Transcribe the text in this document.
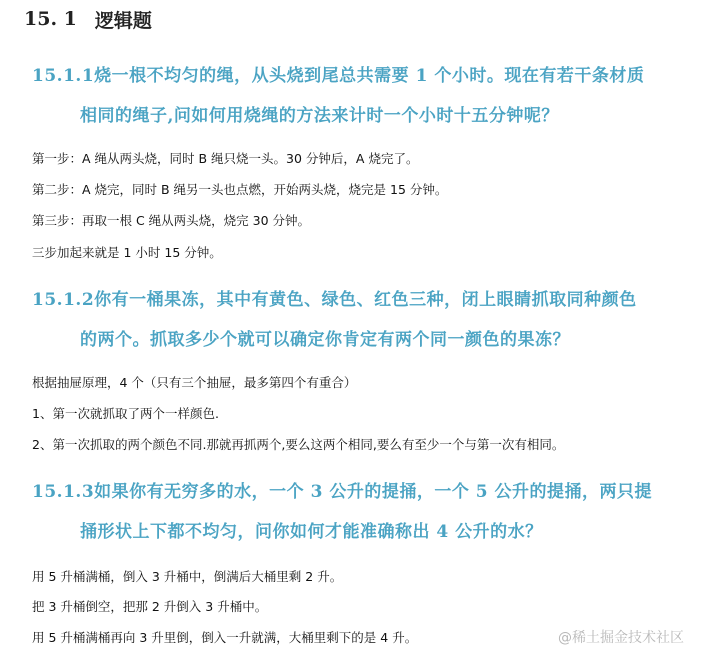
15. 1 逻辑题
15.1.1烧一根不均匀的绳，从头烧到尾总共需要 1 个小时。现在有若干条材质
相同的绳子,问如何用烧绳的方法来计时一个小时十五分钟呢？
第一步：A 绳从两头烧，同时 B 绳只烧一头。30 分钟后，A 烧完了。
第二步：A 烧完，同时 B 绳另一头也点燃，开始两头烧，烧完是 15 分钟。
第三步：再取一根 C 绳从两头烧，烧完 30 分钟。
三步加起来就是 1 小时 15 分钟。
15.1.2你有一桶果冻，其中有黄色、绿色、红色三种，闭上眼睛抓取同种颜色
的两个。抓取多少个就可以确定你肯定有两个同一颜色的果冻？
根据抽屉原理，4 个（只有三个抽屉，最多第四个有重合）
1、第一次就抓取了两个一样颜色.
2、第一次抓取的两个颜色不同.那就再抓两个,要么这两个相同,要么有至少一个与第一次有相同。
15.1.3如果你有无穷多的水，一个 3 公升的提捅，一个 5 公升的提捅，两只提
捅形状上下都不均匀，问你如何才能准确称出 4 公升的水？
用 5 升桶满桶，倒入 3 升桶中，倒满后大桶里剩 2 升。
把 3 升桶倒空，把那 2 升倒入 3 升桶中。
用 5 升桶满桶再向 3 升里倒，倒入一升就满，大桶里剩下的是 4 升。	@稀土掘金技术社区
